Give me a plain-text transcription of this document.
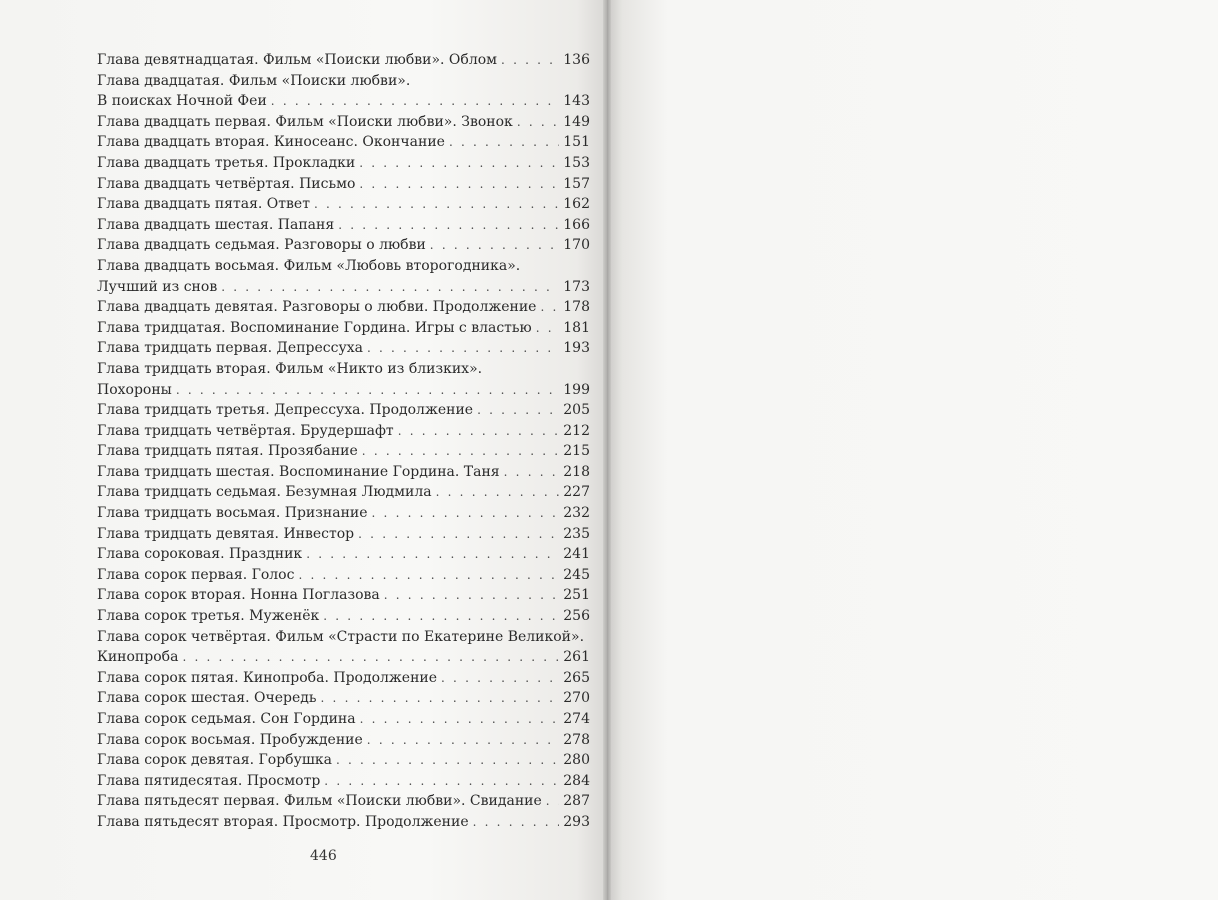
Глава девятнадцатая. Фильм «Поиски любви». Облом . . .	136
Глава двадцатая. Фильм «Поиски любви».
В поисках Ночной Феи . . .	143
Глава двадцать первая. Фильм «Поиски любви». Звонок . . .	149
Глава двадцать вторая. Киносеанс. Окончание . . .	151
Глава двадцать третья. Прокладки . . .	153
Глава двадцать четвёртая. Письмо . . .	157
Глава двадцать пятая. Ответ . . .	162
Глава двадцать шестая. Папаня . . .	166
Глава двадцать седьмая. Разговоры о любви . . .	170
Глава двадцать восьмая. Фильм «Любовь второгодника».
Лучший из снов . . .	173
Глава двадцать девятая. Разговоры о любви. Продолжение . . . 178
Глава тридцатая. Воспоминание Гордина. Игры с властью . . . 181
Глава тридцать первая. Депрессуха . . .	193
Глава тридцать вторая. Фильм «Никто из близких».
Похороны . . .	199
Глава тридцать третья. Депрессуха. Продолжение . . .	205
Глава тридцать четвёртая. Брудершафт . . .	212
Глава тридцать пятая. Прозябание . . .	215
Глава тридцать шестая. Воспоминание Гордина. Таня . . .	218
Глава тридцать седьмая. Безумная Людмила . . .	227
Глава тридцать восьмая. Признание . . .	232
Глава тридцать девятая. Инвестор . . .	235
Глава сороковая. Праздник . . .	241
Глава сорок первая. Голос . . .	245
Глава сорок вторая. Нонна Поглазова . . .	251
Глава сорок третья. Муженёк . . .	256
Глава сорок четвёртая. Фильм «Страсти по Екатерине Великой».
Кинопроба . . .	261
Глава сорок пятая. Кинопроба. Продолжение . . .	265
Глава сорок шестая. Очередь . . .	270
Глава сорок седьмая. Сон Гордина . . .	274
Глава сорок восьмая. Пробуждение . . .	278
Глава сорок девятая. Горбушка . . .	280
Глава пятидесятая. Просмотр . . .	284
Глава пятьдесят первая. Фильм «Поиски любви». Свидание . . . 287
Глава пятьдесят вторая. Просмотр. Продолжение . . .	293
446
